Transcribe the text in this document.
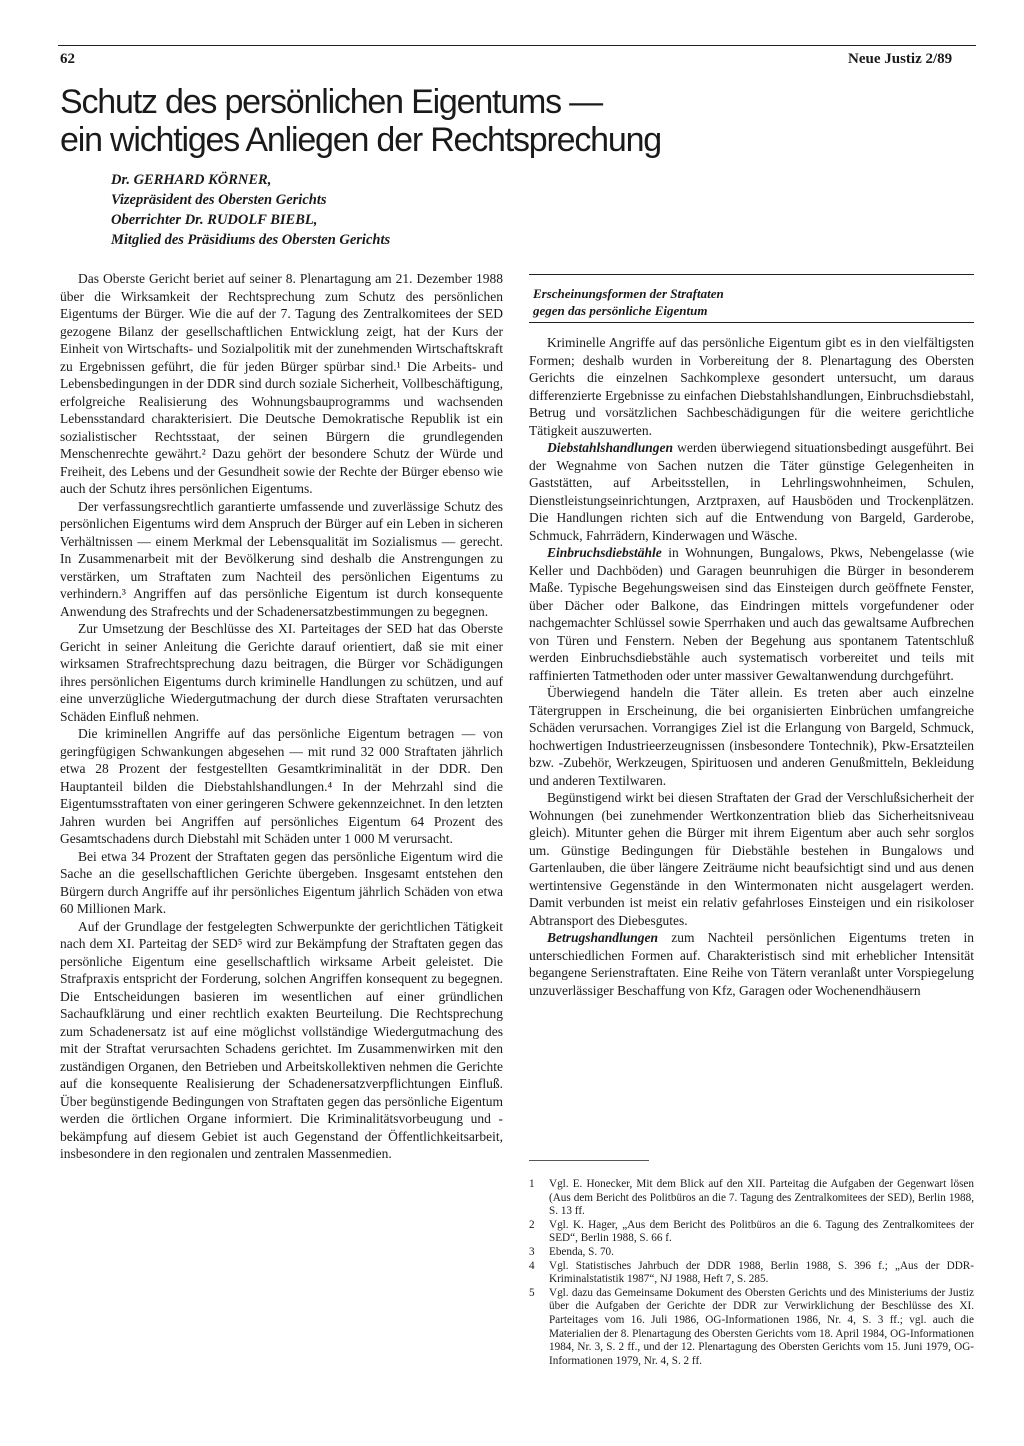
62	Neue Justiz 2/89
Schutz des persönlichen Eigentums —
ein wichtiges Anliegen der Rechtsprechung
Dr. GERHARD KÖRNER,
Vizepräsident des Obersten Gerichts
Oberrichter Dr. RUDOLF BIEBL,
Mitglied des Präsidiums des Obersten Gerichts

Das Oberste Gericht beriet auf seiner 8. Plenartagung am 21. Dezember 1988 über die Wirksamkeit der Rechtsprechung zum Schutz des persönlichen Eigentums der Bürger. Wie die auf der 7. Tagung des Zentralkomitees der SED gezogene Bilanz der gesellschaftlichen Entwicklung zeigt, hat der Kurs der Einheit von Wirtschafts- und Sozialpolitik mit der zunehmenden Wirtschaftskraft zu Ergebnissen geführt, die für jeden Bürger spürbar sind.¹ Die Arbeits- und Lebensbedingungen in der DDR sind durch soziale Sicherheit, Vollbeschäftigung, erfolgreiche Realisierung des Wohnungsbauprogramms und wachsenden Lebensstandard charakterisiert. Die Deutsche Demokratische Republik ist ein sozialistischer Rechtsstaat, der seinen Bürgern die grundlegenden Menschenrechte gewährt.² Dazu gehört der besondere Schutz der Würde und Freiheit, des Lebens und der Gesundheit sowie der Rechte der Bürger ebenso wie auch der Schutz ihres persönlichen Eigentums.

Der verfassungsrechtlich garantierte umfassende und zuverlässige Schutz des persönlichen Eigentums wird dem Anspruch der Bürger auf ein Leben in sicheren Verhältnissen — einem Merkmal der Lebensqualität im Sozialismus — gerecht. In Zusammenarbeit mit der Bevölkerung sind deshalb die Anstrengungen zu verstärken, um Straftaten zum Nachteil des persönlichen Eigentums zu verhindern.³ Angriffen auf das persönliche Eigentum ist durch konsequente Anwendung des Strafrechts und der Schadenersatzbestimmungen zu begegnen.

Zur Umsetzung der Beschlüsse des XI. Parteitages der SED hat das Oberste Gericht in seiner Anleitung die Gerichte darauf orientiert, daß sie mit einer wirksamen Strafrechtsprechung dazu beitragen, die Bürger vor Schädigungen ihres persönlichen Eigentums durch kriminelle Handlungen zu schützen, und auf eine unverzügliche Wiedergutmachung der durch diese Straftaten verursachten Schäden Einfluß nehmen.

Die kriminellen Angriffe auf das persönliche Eigentum betragen — von geringfügigen Schwankungen abgesehen — mit rund 32 000 Straftaten jährlich etwa 28 Prozent der festgestellten Gesamtkriminalität in der DDR. Den Hauptanteil bilden die Diebstahlshandlungen.⁴ In der Mehrzahl sind die Eigentumsstraftaten von einer geringeren Schwere gekennzeichnet. In den letzten Jahren wurden bei Angriffen auf persönliches Eigentum 64 Prozent des Gesamtschadens durch Diebstahl mit Schäden unter 1 000 M verursacht.

Bei etwa 34 Prozent der Straftaten gegen das persönliche Eigentum wird die Sache an die gesellschaftlichen Gerichte übergeben. Insgesamt entstehen den Bürgern durch Angriffe auf ihr persönliches Eigentum jährlich Schäden von etwa 60 Millionen Mark.

Auf der Grundlage der festgelegten Schwerpunkte der gerichtlichen Tätigkeit nach dem XI. Parteitag der SED⁵ wird zur Bekämpfung der Straftaten gegen das persönliche Eigentum eine gesellschaftlich wirksame Arbeit geleistet. Die Strafpraxis entspricht der Forderung, solchen Angriffen konsequent zu begegnen. Die Entscheidungen basieren im wesentlichen auf einer gründlichen Sachaufklärung und einer rechtlich exakten Beurteilung. Die Rechtsprechung zum Schadenersatz ist auf eine möglichst vollständige Wiedergutmachung des mit der Straftat verursachten Schadens gerichtet. Im Zusammenwirken mit den zuständigen Organen, den Betrieben und Arbeitskollektiven nehmen die Gerichte auf die konsequente Realisierung der Schadenersatzverpflichtungen Einfluß. Über begünstigende Bedingungen von Straftaten gegen das persönliche Eigentum werden die örtlichen Organe informiert. Die Kriminalitätsvorbeugung und -bekämpfung auf diesem Gebiet ist auch Gegenstand der Öffentlichkeitsarbeit, insbesondere in den regionalen und zentralen Massenmedien.

Erscheinungsformen der Straftaten
gegen das persönliche Eigentum

Kriminelle Angriffe auf das persönliche Eigentum gibt es in den vielfältigsten Formen; deshalb wurden in Vorbereitung der 8. Plenartagung des Obersten Gerichts die einzelnen Sachkomplexe gesondert untersucht, um daraus differenzierte Ergebnisse zu einfachen Diebstahlshandlungen, Einbruchsdiebstahl, Betrug und vorsätzlichen Sachbeschädigungen für die weitere gerichtliche Tätigkeit auszuwerten.

Diebstahlshandlungen werden überwiegend situationsbedingt ausgeführt. Bei der Wegnahme von Sachen nutzen die Täter günstige Gelegenheiten in Gaststätten, auf Arbeitsstellen, in Lehrlingswohnheimen, Schulen, Dienstleistungseinrichtungen, Arztpraxen, auf Hausböden und Trockenplätzen. Die Handlungen richten sich auf die Entwendung von Bargeld, Garderobe, Schmuck, Fahrrädern, Kinderwagen und Wäsche.

Einbruchsdiebstähle in Wohnungen, Bungalows, Pkws, Nebengelasse (wie Keller und Dachböden) und Garagen beunruhigen die Bürger in besonderem Maße. Typische Begehungsweisen sind das Einsteigen durch geöffnete Fenster, über Dächer oder Balkone, das Eindringen mittels vorgefundener oder nachgemachter Schlüssel sowie Sperrhaken und auch das gewaltsame Aufbrechen von Türen und Fenstern. Neben der Begehung aus spontanem Tatentschluß werden Einbruchsdiebstähle auch systematisch vorbereitet und teils mit raffinierten Tatmethoden oder unter massiver Gewaltanwendung durchgeführt.

Überwiegend handeln die Täter allein. Es treten aber auch einzelne Tätergruppen in Erscheinung, die bei organisierten Einbrüchen umfangreiche Schäden verursachen. Vorrangiges Ziel ist die Erlangung von Bargeld, Schmuck, hochwertigen Industrieerzeugnissen (insbesondere Tontechnik), Pkw-Ersatzteilen bzw. -Zubehör, Werkzeugen, Spirituosen und anderen Genußmitteln, Bekleidung und anderen Textilwaren.

Begünstigend wirkt bei diesen Straftaten der Grad der Verschlußsicherheit der Wohnungen (bei zunehmender Wertkonzentration blieb das Sicherheitsniveau gleich). Mitunter gehen die Bürger mit ihrem Eigentum aber auch sehr sorglos um. Günstige Bedingungen für Diebstähle bestehen in Bungalows und Gartenlauben, die über längere Zeiträume nicht beaufsichtigt sind und aus denen wertintensive Gegenstände in den Wintermonaten nicht ausgelagert werden. Damit verbunden ist meist ein relativ gefahrloses Einsteigen und ein risikoloser Abtransport des Diebesgutes.

Betrugshandlungen zum Nachteil persönlichen Eigentums treten in unterschiedlichen Formen auf. Charakteristisch sind mit erheblicher Intensität begangene Serienstraftaten. Eine Reihe von Tätern veranlaßt unter Vorspiegelung unzuverlässiger Beschaffung von Kfz, Garagen oder Wochenendhäusern

1	Vgl. E. Honecker, Mit dem Blick auf den XII. Parteitag die Aufgaben der Gegenwart lösen (Aus dem Bericht des Politbüros an die 7. Tagung des Zentralkomitees der SED), Berlin 1988, S. 13 ff.
2	Vgl. K. Hager, „Aus dem Bericht des Politbüros an die 6. Tagung des Zentralkomitees der SED“, Berlin 1988, S. 66 f.
3	Ebenda, S. 70.
4	Vgl. Statistisches Jahrbuch der DDR 1988, Berlin 1988, S. 396 f.; „Aus der DDR-Kriminalstatistik 1987“, NJ 1988, Heft 7, S. 285.
5	Vgl. dazu das Gemeinsame Dokument des Obersten Gerichts und des Ministeriums der Justiz über die Aufgaben der Gerichte der DDR zur Verwirklichung der Beschlüsse des XI. Parteitages vom 16. Juli 1986, OG-Informationen 1986, Nr. 4, S. 3 ff.; vgl. auch die Materialien der 8. Plenartagung des Obersten Gerichts vom 18. April 1984, OG-Informationen 1984, Nr. 3, S. 2 ff., und der 12. Plenartagung des Obersten Gerichts vom 15. Juni 1979, OG-Informationen 1979, Nr. 4, S. 2 ff.
